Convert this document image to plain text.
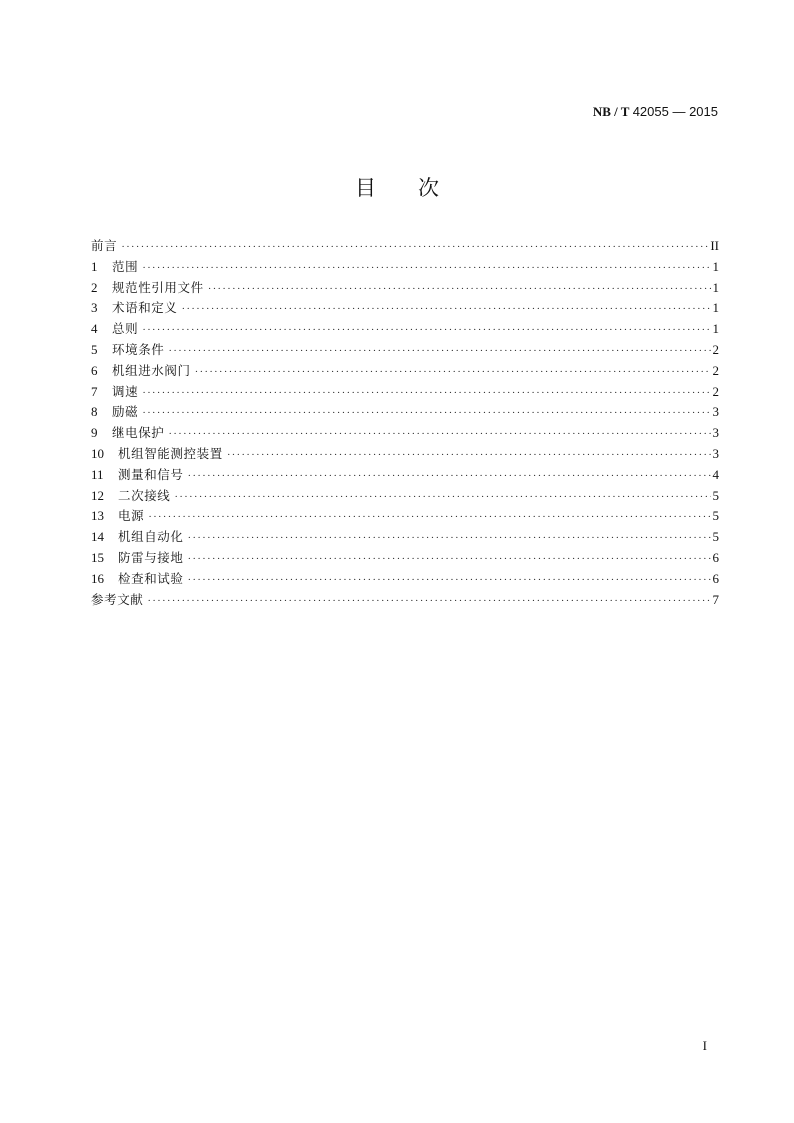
NB / T 42055 — 2015
目 次
前言 ·····	II
1	范围 ·····	1
2	规范性引用文件 ·····	1
3	术语和定义 ·····	1
4	总则 ·····	1
5	环境条件 ·····	2
6	机组进水阀门 ·····	2
7	调速 ·····	2
8	励磁 ·····	3
9	继电保护 ·····	3
10	机组智能测控装置 ·····	3
11	测量和信号 ·····	4
12	二次接线 ·····	5
13	电源 ·····	5
14	机组自动化 ·····	5
15	防雷与接地 ·····	6
16	检查和试验 ·····	6
参考文献 ·····	7
I
